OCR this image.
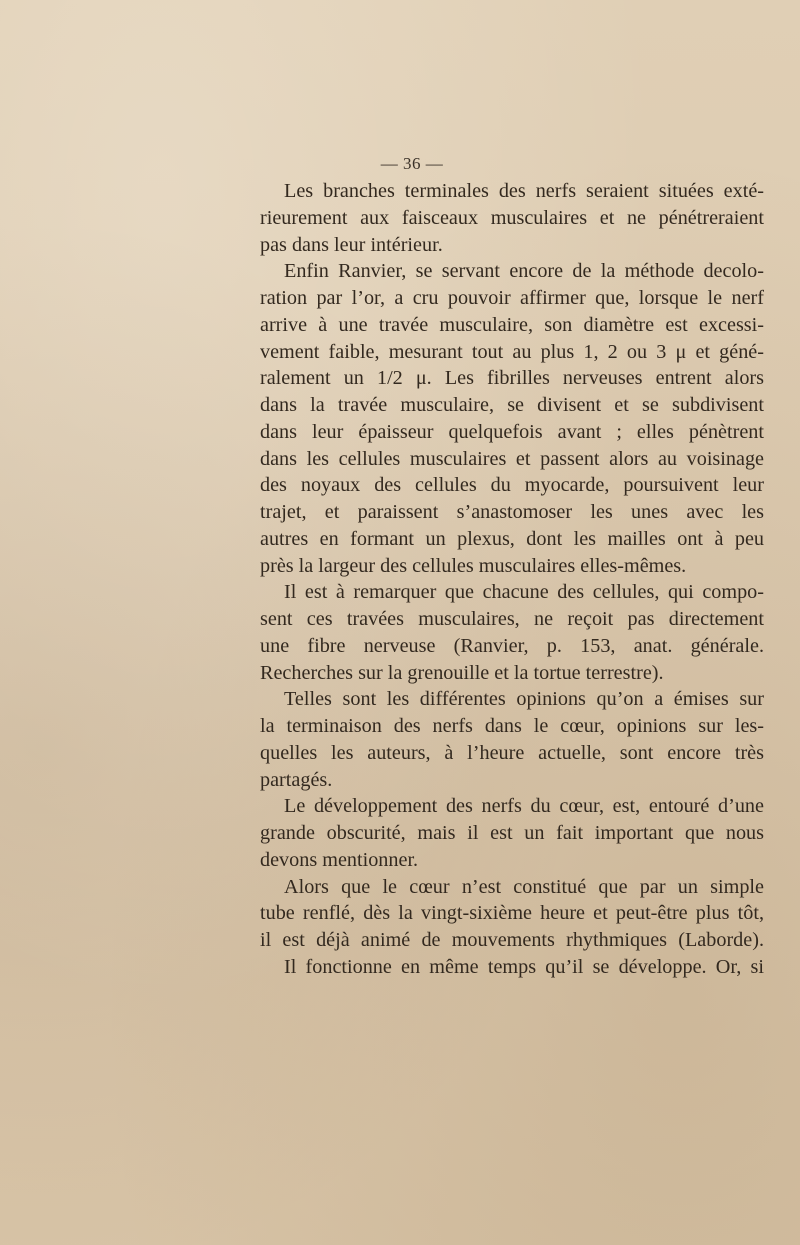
— 36 —
Les branches terminales des nerfs seraient situées exté-
rieurement aux faisceaux musculaires et ne pénétreraient
pas dans leur intérieur.
Enfin Ranvier, se servant encore de la méthode decolo-
ration par l’or, a cru pouvoir affirmer que, lorsque le nerf
arrive à une travée musculaire, son diamètre est excessi-
vement faible, mesurant tout au plus 1, 2 ou 3 μ et géné-
ralement un 1/2 μ. Les fibrilles nerveuses entrent alors
dans la travée musculaire, se divisent et se subdivisent
dans leur épaisseur quelquefois avant ; elles pénètrent
dans les cellules musculaires et passent alors au voisinage
des noyaux des cellules du myocarde, poursuivent leur
trajet, et paraissent s’anastomoser les unes avec les
autres en formant un plexus, dont les mailles ont à peu
près la largeur des cellules musculaires elles-mêmes.
Il est à remarquer que chacune des cellules, qui compo-
sent ces travées musculaires, ne reçoit pas directement
une fibre nerveuse (Ranvier, p. 153, anat. générale.
Recherches sur la grenouille et la tortue terrestre).
Telles sont les différentes opinions qu’on a émises sur
la terminaison des nerfs dans le cœur, opinions sur les-
quelles les auteurs, à l’heure actuelle, sont encore très
partagés.
Le développement des nerfs du cœur, est, entouré d’une
grande obscurité, mais il est un fait important que nous
devons mentionner.
Alors que le cœur n’est constitué que par un simple
tube renflé, dès la vingt-sixième heure et peut-être plus tôt,
il est déjà animé de mouvements rhythmiques (Laborde).
Il fonctionne en même temps qu’il se développe. Or, si
